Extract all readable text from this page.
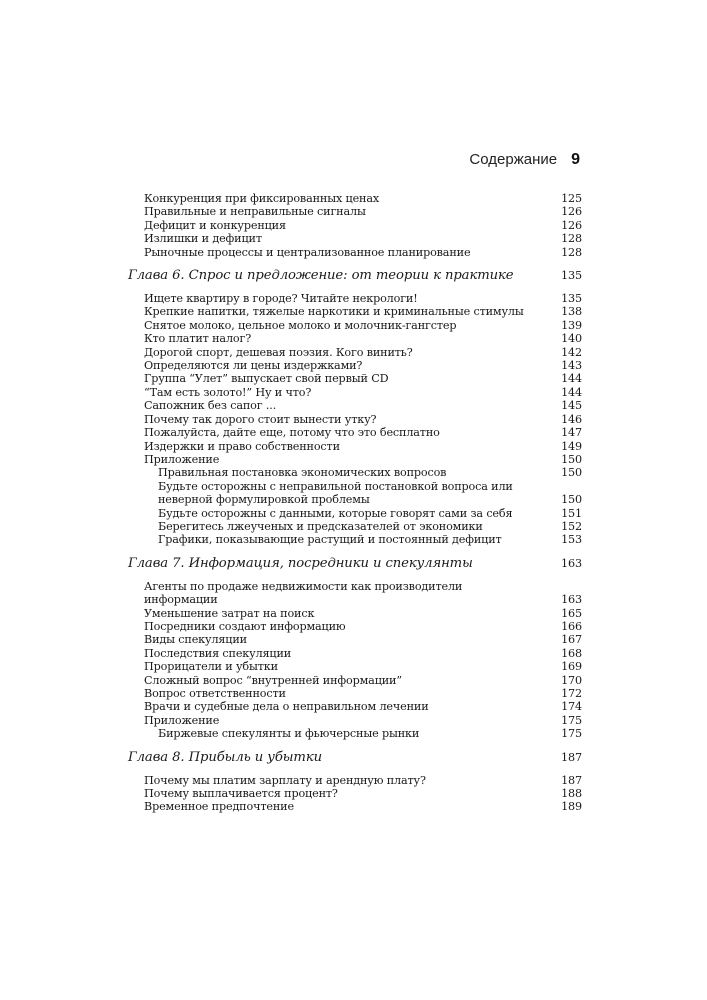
Содержание 9
Конкуренция при фиксированных ценах	125
Правильные и неправильные сигналы	126
Дефицит и конкуренция	126
Излишки и дефицит	128
Рыночные процессы и централизованное планирование	128
Глава 6. Спрос и предложение: от теории к практике	135
Ищете квартиру в городе? Читайте некрологи!	135
Крепкие напитки, тяжелые наркотики и криминальные стимулы	138
Снятое молоко, цельное молоко и молочник-гангстер	139
Кто платит налог?	140
Дорогой спорт, дешевая поэзия. Кого винить?	142
Определяются ли цены издержками?	143
Группа “Улет” выпускает свой первый CD	144
“Там есть золото!” Ну и что?	144
Сапожник без сапог ...	145
Почему так дорого стоит вынести утку?	146
Пожалуйста, дайте еще, потому что это бесплатно	147
Издержки и право собственности	149
Приложение	150
Правильная постановка экономических вопросов	150
Будьте осторожны с неправильной постановкой вопроса или неверной формулировкой проблемы	150
Будьте осторожны с данными, которые говорят сами за себя	151
Берегитесь лжеученых и предсказателей от экономики	152
Графики, показывающие растущий и постоянный дефицит	153
Глава 7. Информация, посредники и спекулянты	163
Агенты по продаже недвижимости как производители информации	163
Уменьшение затрат на поиск	165
Посредники создают информацию	166
Виды спекуляции	167
Последствия спекуляции	168
Прорицатели и убытки	169
Сложный вопрос “внутренней информации”	170
Вопрос ответственности	172
Врачи и судебные дела о неправильном лечении	174
Приложение	175
Биржевые спекулянты и фьючерсные рынки	175
Глава 8. Прибыль и убытки	187
Почему мы платим зарплату и арендную плату?	187
Почему выплачивается процент?	188
Временное предпочтение	189
